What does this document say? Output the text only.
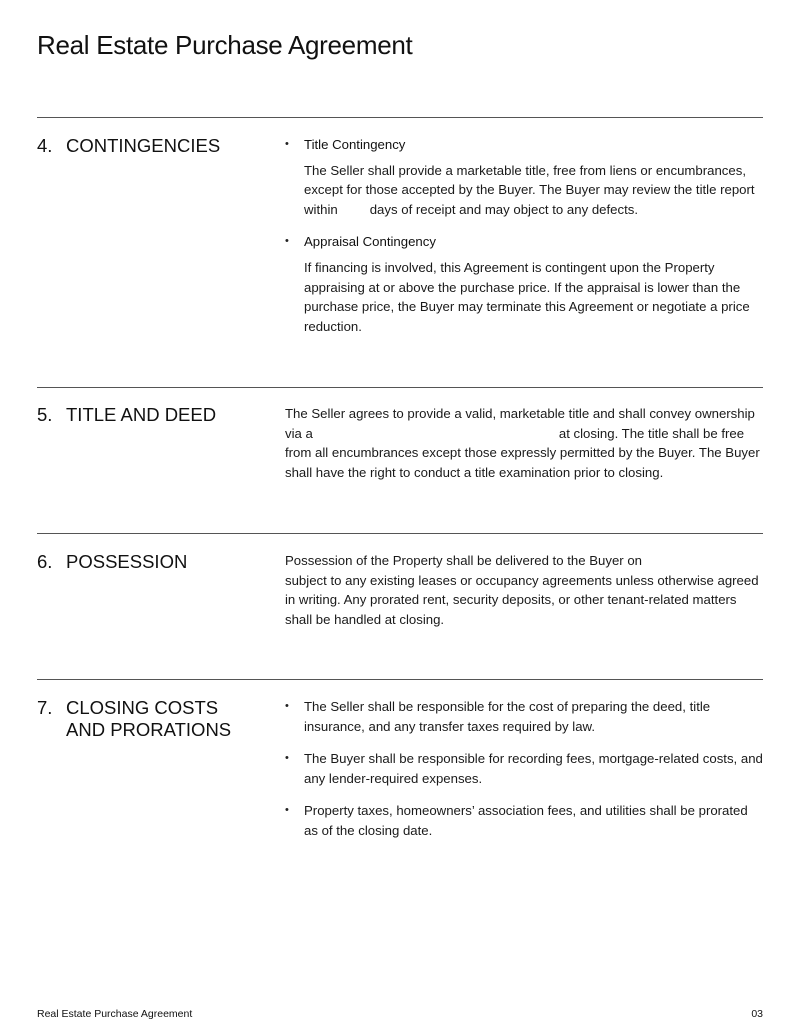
Real Estate Purchase Agreement
4. CONTINGENCIES	•	Title Contingency

The Seller shall provide a marketable title, free from liens or encumbrances, except for those accepted by the Buyer. The Buyer may review the title report within days of receipt and may object to any defects.

•	Appraisal Contingency

If financing is involved, this Agreement is contingent upon the Property appraising at or above the purchase price. If the appraisal is lower than the purchase price, the Buyer may terminate this Agreement or negotiate a price reduction.

5. TITLE AND DEED	The Seller agrees to provide a valid, marketable title and shall convey ownership via a	at closing. The title shall be free from all encumbrances except those expressly permitted by the Buyer. The Buyer shall have the right to conduct a title examination prior to closing.

6. POSSESSION	Possession of the Property shall be delivered to the Buyer onsubject to any existing leases or occupancy agreements unless otherwise agreed in writing. Any prorated rent, security deposits, or other tenant-related matters shall be handled at closing.

7. CLOSING COSTS
AND PRORATIONS
•	The Seller shall be responsible for the cost of preparing the deed, title insurance, and any transfer taxes required by law.

•	The Buyer shall be responsible for recording fees, mortgage-related costs, and any lender-required expenses.

•	Property taxes, homeowners’ association fees, and utilities shall be prorated as of the closing date.

Real Estate Purchase Agreement	03
